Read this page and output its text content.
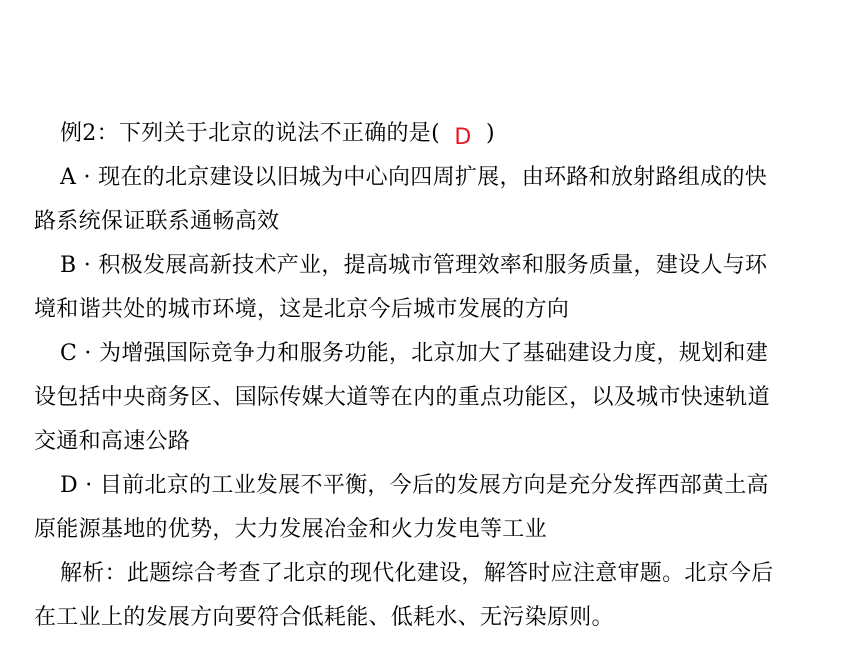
例2：下列关于北京的说法不正确的是( D )
A · 现在的北京建设以旧城为中心向四周扩展，由环路和放射路组成的快
路系统保证联系通畅高效
B · 积极发展高新技术产业，提高城市管理效率和服务质量，建设人与环
境和谐共处的城市环境，这是北京今后城市发展的方向
C · 为增强国际竞争力和服务功能，北京加大了基础建设力度，规划和建
设包括中央商务区、国际传媒大道等在内的重点功能区，以及城市快速轨道
交通和高速公路
D · 目前北京的工业发展不平衡，今后的发展方向是充分发挥西部黄土高
原能源基地的优势，大力发展冶金和火力发电等工业
解析：此题综合考查了北京的现代化建设，解答时应注意审题。北京今后
在工业上的发展方向要符合低耗能、低耗水、无污染原则。
